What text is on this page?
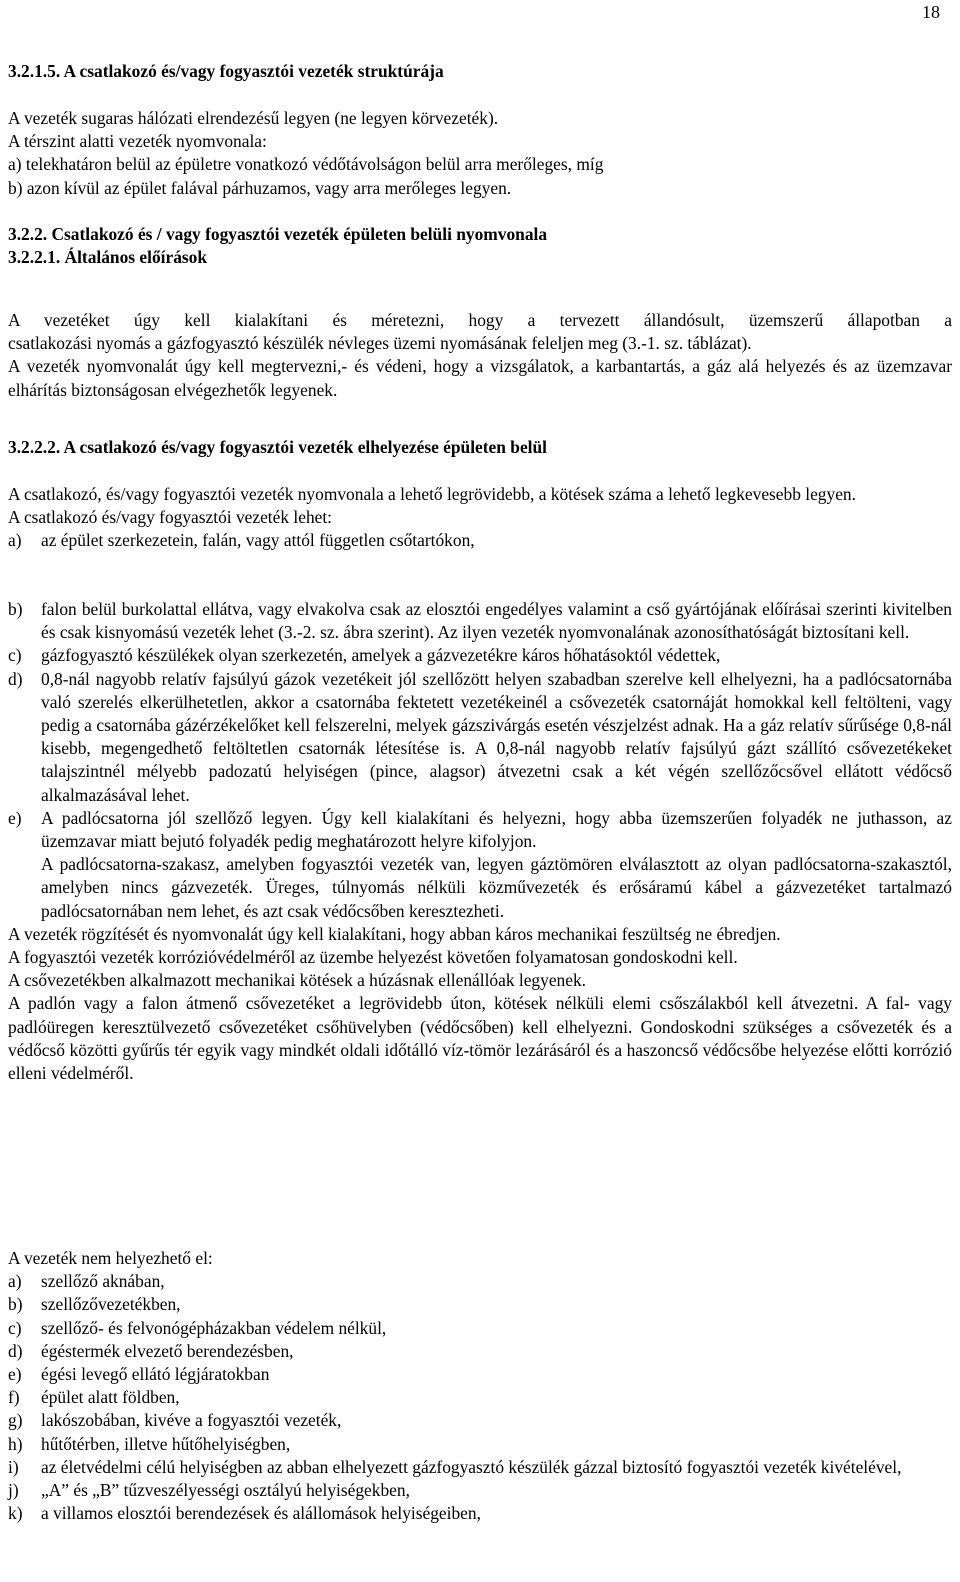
18

3.2.1.5. A csatlakozó és/vagy fogyasztói vezeték struktúrája

A vezeték sugaras hálózati elrendezésű legyen (ne legyen körvezeték).

A térszint alatti vezeték nyomvonala:

a) telekhatáron belül az épületre vonatkozó védőtávolságon belül arra merőleges, míg

b) azon kívül az épület falával párhuzamos, vagy arra merőleges legyen.

3.2.2. Csatlakozó és / vagy fogyasztói vezeték épületen belüli nyomvonala

3.2.2.1. Általános előírások

A vezetéket úgy kell kialakítani és méretezni, hogy a tervezett állandósult, üzemszerű állapotban a

csatlakozási nyomás a gázfogyasztó készülék névleges üzemi nyomásának feleljen meg (3.-1. sz. táblázat).

A vezeték nyomvonalát úgy kell megtervezni,- és védeni, hogy a vizsgálatok, a karbantartás, a gáz alá helyezés és az üzemzavar elhárítás biztonságosan elvégezhetők legyenek.

3.2.2.2. A csatlakozó és/vagy fogyasztói vezeték elhelyezése épületen belül

A csatlakozó, és/vagy fogyasztói vezeték nyomvonala a lehető legrövidebb, a kötések száma a lehető legkevesebb legyen.

A csatlakozó és/vagy fogyasztói vezeték lehet:

a)	az épület szerkezetein, falán, vagy attól független csőtartókon,

b)	falon belül burkolattal ellátva, vagy elvakolva csak az elosztói engedélyes valamint a cső gyártójának előírásai szerinti kivitelben és csak kisnyomású vezeték lehet (3.-2. sz. ábra szerint). Az ilyen vezeték nyomvonalának azonosíthatóságát biztosítani kell.

c)	gázfogyasztó készülékek olyan szerkezetén, amelyek a gázvezetékre káros hőhatásoktól védettek,

d)	0,8-nál nagyobb relatív fajsúlyú gázok vezetékeit jól szellőzött helyen szabadban szerelve kell elhelyezni, ha a padlócsatornába való szerelés elkerülhetetlen, akkor a csatornába fektetett vezetékeinél a csővezeték csatornáját homokkal kell feltölteni, vagy pedig a csatornába gázérzékelőket kell felszerelni, melyek gázszivárgás esetén vészjelzést adnak. Ha a gáz relatív sűrűsége 0,8-nál kisebb, megengedhető feltöltetlen csatornák létesítése is. A 0,8-nál nagyobb relatív fajsúlyú gázt szállító csővezetékeket talajszintnél mélyebb padozatú helyiségen (pince, alagsor) átvezetni csak a két végén szellőzőcsővel ellátott védőcső alkalmazásával lehet.

e)	A padlócsatorna jól szellőző legyen. Úgy kell kialakítani és helyezni, hogy abba üzemszerűen folyadék ne juthasson, az üzemzavar miatt bejutó folyadék pedig meghatározott helyre kifolyjon.

A padlócsatorna-szakasz, amelyben fogyasztói vezeték van, legyen gáztömören elválasztott az olyan padlócsatorna-szakasztól, amelyben nincs gázvezeték. Üreges, túlnyomás nélküli közművezeték és erősáramú kábel a gázvezetéket tartalmazó padlócsatornában nem lehet, és azt csak védőcsőben keresztezheti.

A vezeték rögzítését és nyomvonalát úgy kell kialakítani, hogy abban káros mechanikai feszültség ne ébredjen.

A fogyasztói vezeték korrózióvédelméről az üzembe helyezést követően folyamatosan gondoskodni kell.

A csővezetékben alkalmazott mechanikai kötések a húzásnak ellenállóak legyenek.

A padlón vagy a falon átmenő csővezetéket a legrövidebb úton, kötések nélküli elemi csőszálakból kell átvezetni. A fal- vagy padlóüregen keresztülvezető csővezetéket csőhüvelyben (védőcsőben) kell elhelyezni. Gondoskodni szükséges a csővezeték és a védőcső közötti gyűrűs tér egyik vagy mindkét oldali időtálló víz-tömör lezárásáról és a haszoncső védőcsőbe helyezése előtti korrózió elleni védelméről.

A vezeték nem helyezhető el:

a)	szellőző aknában,

b)	szellőzővezetékben,

c)	szellőző- és felvonógépházakban védelem nélkül,

d)	égéstermék elvezető berendezésben,

e)	égési levegő ellátó légjáratokban

f)	épület alatt földben,

g)	lakószobában, kivéve a fogyasztói vezeték,

h)	hűtőtérben, illetve hűtőhelyiségben,

i)	az életvédelmi célú helyiségben az abban elhelyezett gázfogyasztó készülék gázzal biztosító fogyasztói vezeték kivételével,

j)	„A” és „B” tűzveszélyességi osztályú helyiségekben,

k)	a villamos elosztói berendezések és alállomások helyiségeiben,
